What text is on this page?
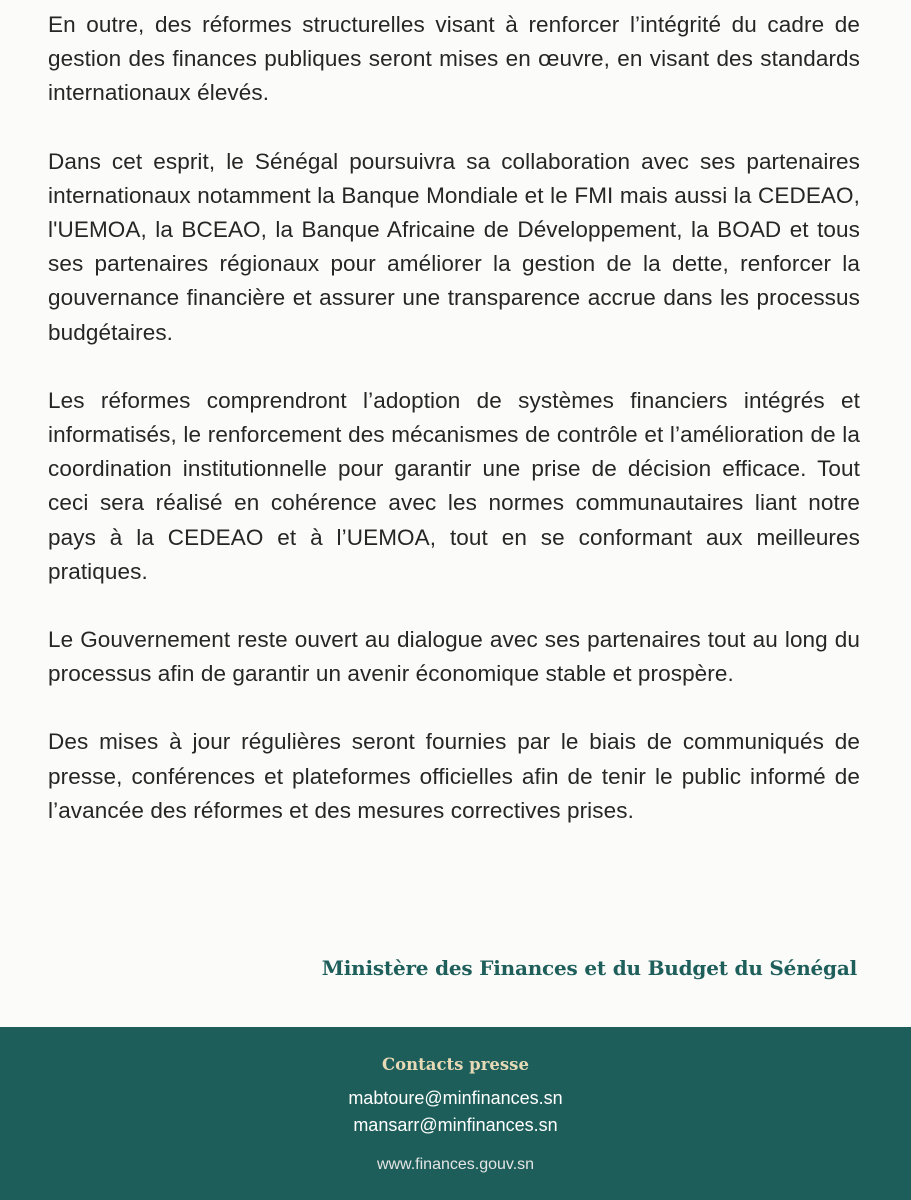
En outre, des réformes structurelles visant à renforcer l’intégrité du cadre de gestion des finances publiques seront mises en œuvre, en visant des standards internationaux élevés.

Dans cet esprit, le Sénégal poursuivra sa collaboration avec ses partenaires internationaux notamment la Banque Mondiale et le FMI mais aussi la CEDEAO, l'UEMOA, la BCEAO, la Banque Africaine de Développement, la BOAD et tous ses partenaires régionaux pour améliorer la gestion de la dette, renforcer la gouvernance financière et assurer une transparence accrue dans les processus budgétaires.

Les réformes comprendront l’adoption de systèmes financiers intégrés et informatisés, le renforcement des mécanismes de contrôle et l’amélioration de la coordination institutionnelle pour garantir une prise de décision efficace. Tout ceci sera réalisé en cohérence avec les normes communautaires liant notre pays à la CEDEAO et à l’UEMOA, tout en se conformant aux meilleures pratiques.

Le Gouvernement reste ouvert au dialogue avec ses partenaires tout au long du processus afin de garantir un avenir économique stable et prospère.

Des mises à jour régulières seront fournies par le biais de communiqués de presse, conférences et plateformes officielles afin de tenir le public informé de l’avancée des réformes et des mesures correctives prises.

Ministère des Finances et du Budget du Sénégal
Contacts presse
mabtoure@minfinances.sn
mansarr@minfinances.sn
www.finances.gouv.sn
